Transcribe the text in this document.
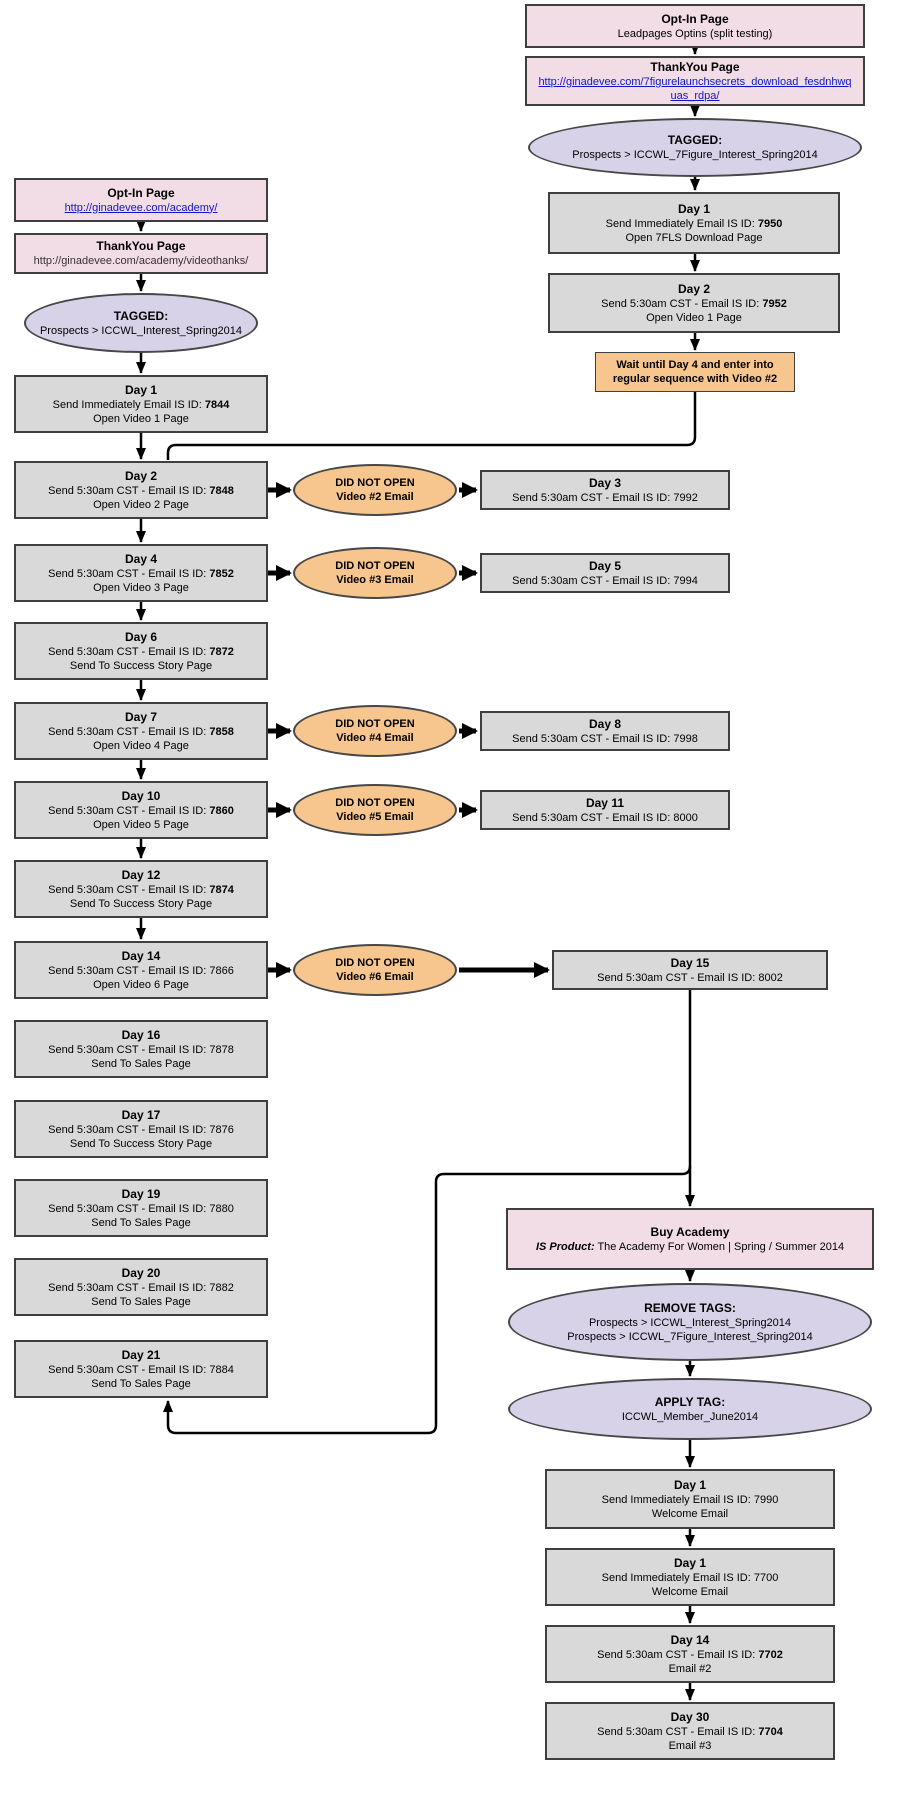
Opt-In Page
Leadpages Optins (split testing)
ThankYou Page
http://ginadevee.com/7figurelaunchsecrets_download_fesdnhwquas_rdpa/
TAGGED:
Prospects > ICCWL_7Figure_Interest_Spring2014
Day 1
Send Immediately Email IS ID: 7950
Open 7FLS Download Page
Day 2
Send 5:30am CST - Email IS ID: 7952
Open Video 1 Page
Wait until Day 4 and enter into
regular sequence with Video #2
Opt-In Page
http://ginadevee.com/academy/
ThankYou Page
http://ginadevee.com/academy/videothanks/
TAGGED:
Prospects > ICCWL_Interest_Spring2014
Day 1
Send Immediately Email IS ID: 7844
Open Video 1 Page
Day 2
Send 5:30am CST - Email IS ID: 7848
Open Video 2 Page
Day 4
Send 5:30am CST - Email IS ID: 7852
Open Video 3 Page
Day 6
Send 5:30am CST - Email IS ID: 7872
Send To Success Story Page
Day 7
Send 5:30am CST - Email IS ID: 7858
Open Video 4 Page
Day 10
Send 5:30am CST - Email IS ID: 7860
Open Video 5 Page
Day 12
Send 5:30am CST - Email IS ID: 7874
Send To Success Story Page
Day 14
Send 5:30am CST - Email IS ID: 7866
Open Video 6 Page
Day 16
Send 5:30am CST - Email IS ID: 7878
Send To Sales Page
Day 17
Send 5:30am CST - Email IS ID: 7876
Send To Success Story Page
Day 19
Send 5:30am CST - Email IS ID: 7880
Send To Sales Page
Day 20
Send 5:30am CST - Email IS ID: 7882
Send To Sales Page
Day 21
Send 5:30am CST - Email IS ID: 7884
Send To Sales Page
DID NOT OPEN
Video #2 Email
Day 3
Send 5:30am CST - Email IS ID: 7992
DID NOT OPEN
Video #3 Email
Day 5
Send 5:30am CST - Email IS ID: 7994
DID NOT OPEN
Video #4 Email
Day 8
Send 5:30am CST - Email IS ID: 7998
DID NOT OPEN
Video #5 Email
Day 11
Send 5:30am CST - Email IS ID: 8000
DID NOT OPEN
Video #6 Email
Day 15
Send 5:30am CST - Email IS ID: 8002
Buy Academy
IS Product: The Academy For Women | Spring / Summer 2014
REMOVE TAGS:
Prospects > ICCWL_Interest_Spring2014
Prospects > ICCWL_7Figure_Interest_Spring2014
APPLY TAG:
ICCWL_Member_June2014
Day 1
Send Immediately Email IS ID: 7990
Welcome Email
Day 1
Send Immediately Email IS ID: 7700
Welcome Email
Day 14
Send 5:30am CST - Email IS ID: 7702
Email #2
Day 30
Send 5:30am CST - Email IS ID: 7704
Email #3
